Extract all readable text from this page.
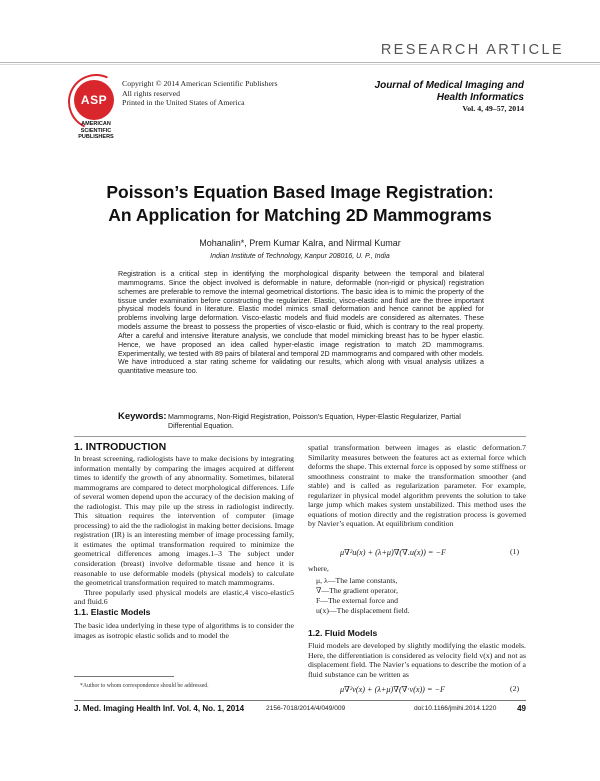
RESEARCH ARTICLE
ASP
AMERICAN SCIENTIFIC PUBLISHERS
Copyright © 2014 American Scientific Publishers
All rights reserved
Printed in the United States of America
Journal of Medical Imaging and Health Informatics
Vol. 4, 49–57, 2014
Poisson’s Equation Based Image Registration:
An Application for Matching 2D Mammograms
Mohanalin*, Prem Kumar Kalra, and Nirmal Kumar
Indian Institute of Technology, Kanpur 208016, U. P., India
Registration is a critical step in identifying the morphological disparity between the temporal and bilateral mammograms. Since the object involved is deformable in nature, deformable (non-rigid or physical) registration schemes are preferable to remove the internal geometrical distortions. The basic idea is to mimic the property of the tissue under examination before constructing the regularizer. Elastic, visco-elastic and fluid are the three important physical models found in literature. Elastic model mimics small deformation and hence cannot be applied for problems involving large deformation. Visco-elastic models and fluid models are considered as alternates. These models assume the breast to possess the properties of visco-elastic or fluid, which is contrary to the real property. After a careful and intensive literature analysis, we conclude that model mimicking breast has to be hyper elastic. Hence, we have proposed an idea called hyper-elastic image registration to match 2D mammograms. Experimentally, we tested with 89 pairs of bilateral and temporal 2D mammograms and compared with other models. We have introduced a star rating scheme for validating our results, which along with visual analysis utilizes a quantitative measure too.
Keywords: Mammograms, Non-Rigid Registration, Poisson’s Equation, Hyper-Elastic Regularizer, Partial Differential Equation.
1. INTRODUCTION
In breast screening, radiologists have to make decisions by integrating information mentally by comparing the images acquired at different times to identify the growth of any abnormality. Sometimes, bilateral mammograms are compared to detect morphological differences. Life of several women depend upon the accuracy of the decision making of the radiologist. This may pile up the stress in radiologist indirectly. This situation requires the intervention of computer (image processing) to aid the the radiologist in making better decisions. Image registration (IR) is an interesting member of image processing family, it estimates the optimal transformation required to minimize the geometrical differences among images.1–3 The subject under consideration (breast) involve deformable tissue and hence it is reasonable to use deformable models (physical models) to calculate the geometrical transformation required to match mammograms.
Three popularly used physical models are elastic,4 visco-elastic5 and fluid.6
1.1. Elastic Models
The basic idea underlying in these type of algorithms is to consider the images as isotropic elastic solids and to model the
spatial transformation between images as elastic deformation.7 Similarity measures between the features act as external force which deforms the shape. This external force is opposed by some stiffness or smoothness constraint to make the transformation smoother (and stable) and is called as regularization parameter. For example, regularizer in physical model algorithm prevents the solution to take large jump which makes system unstabilized. This method uses the equations of motion directly and the registration process is governed by Navier’s equation. At equilibrium condition
μ∇²u(x) + (λ+μ)∇(∇.u(x)) = −F	(1)
where,
μ, λ—The lame constants,
∇—The gradient operator,
F—The external force and
u(x)—The displacement field.
1.2. Fluid Models
Fluid models are developed by slightly modifying the elastic models. Here, the differentiation is considered as velocity field v(x) and not as displacement field. The Navier’s equations to describe the motion of a fluid substance can be written as
μ∇²v(x) + (λ+μ)∇(∇·v(x)) = −F	(2)
*Author to whom correspondence should be addressed.
J. Med. Imaging Health Inf. Vol. 4, No. 1, 2014	2156-7018/2014/4/049/009	doi:10.1166/jmihi.2014.1220	49
